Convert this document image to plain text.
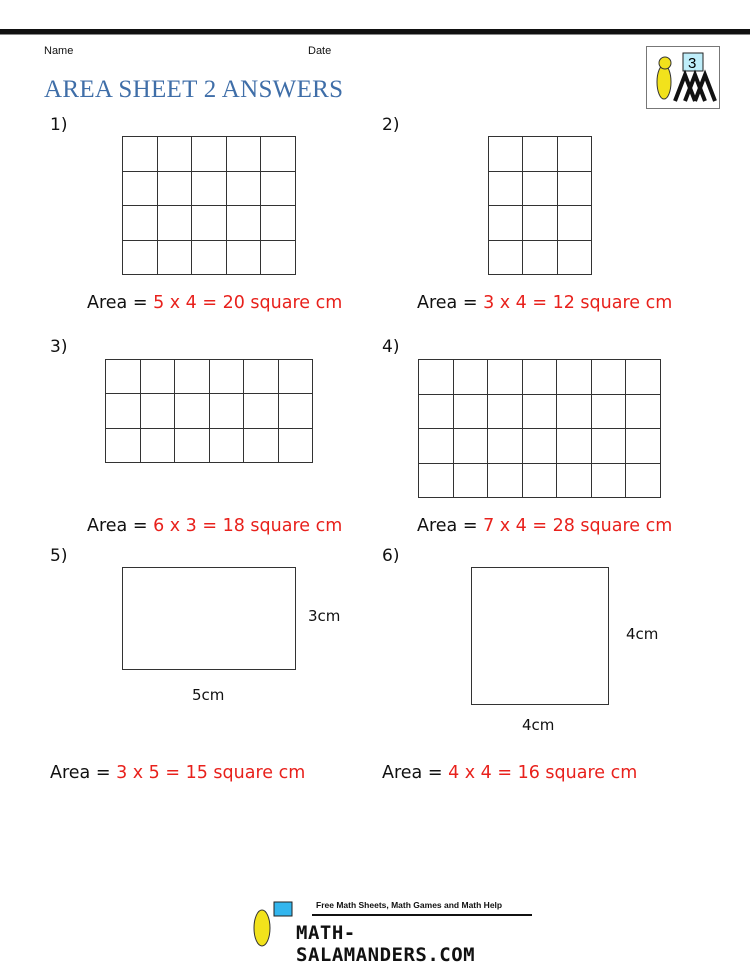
Name	Date
AREA SHEET 2 ANSWERS
3
1)
Area = 5 x 4 = 20 square cm
2)
Area = 3 x 4 = 12 square cm
3)
Area = 6 x 3 = 18 square cm
4)
Area = 7 x 4 = 28 square cm
5)
5cm
3cm
Area = 3 x 5 = 15 square cm
6)
4cm
4cm
Area = 4 x 4 = 16 square cm
Free Math Sheets, Math Games and Math Help
MATH-SALAMANDERS.COM
